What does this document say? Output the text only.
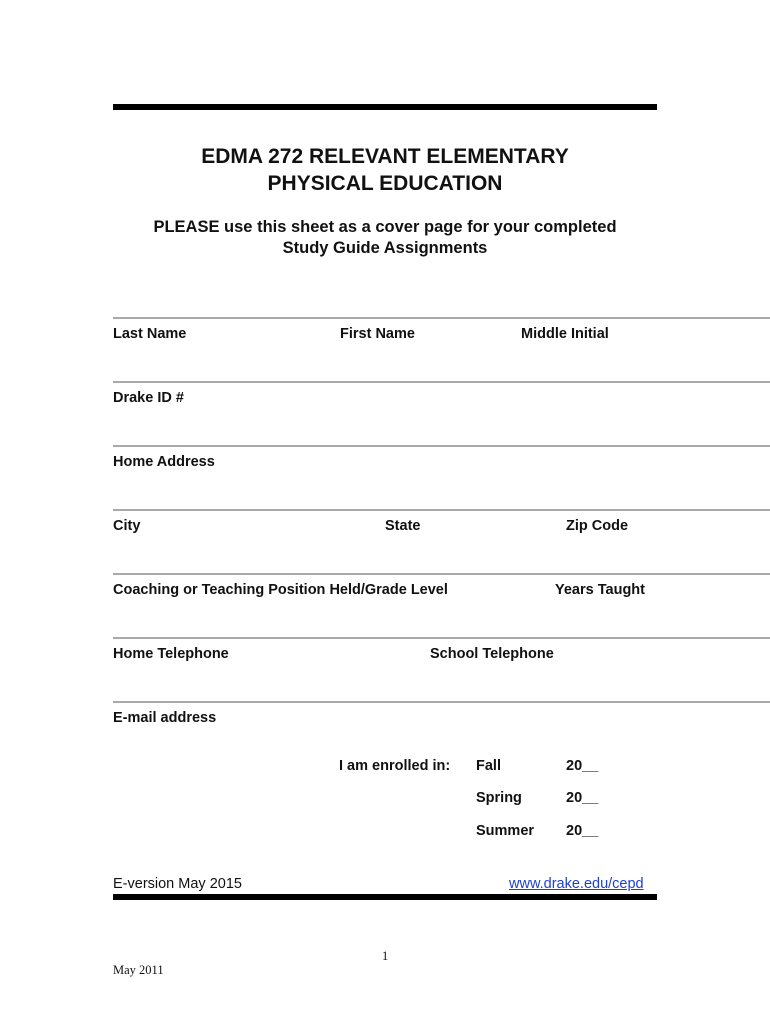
EDMA 272 RELEVANT ELEMENTARY
PHYSICAL EDUCATION
PLEASE use this sheet as a cover page for your completed
Study Guide Assignments
Last Name	First Name	Middle Initial
Drake ID #
Home Address
City	State	Zip Code
Coaching or Teaching Position Held/Grade Level	Years Taught
Home Telephone	School Telephone
E-mail address
I am enrolled in: Fall	20__
Spring	20__
Summer 20__
E-version May 2015	www.drake.edu/cepd
1
May 2011
